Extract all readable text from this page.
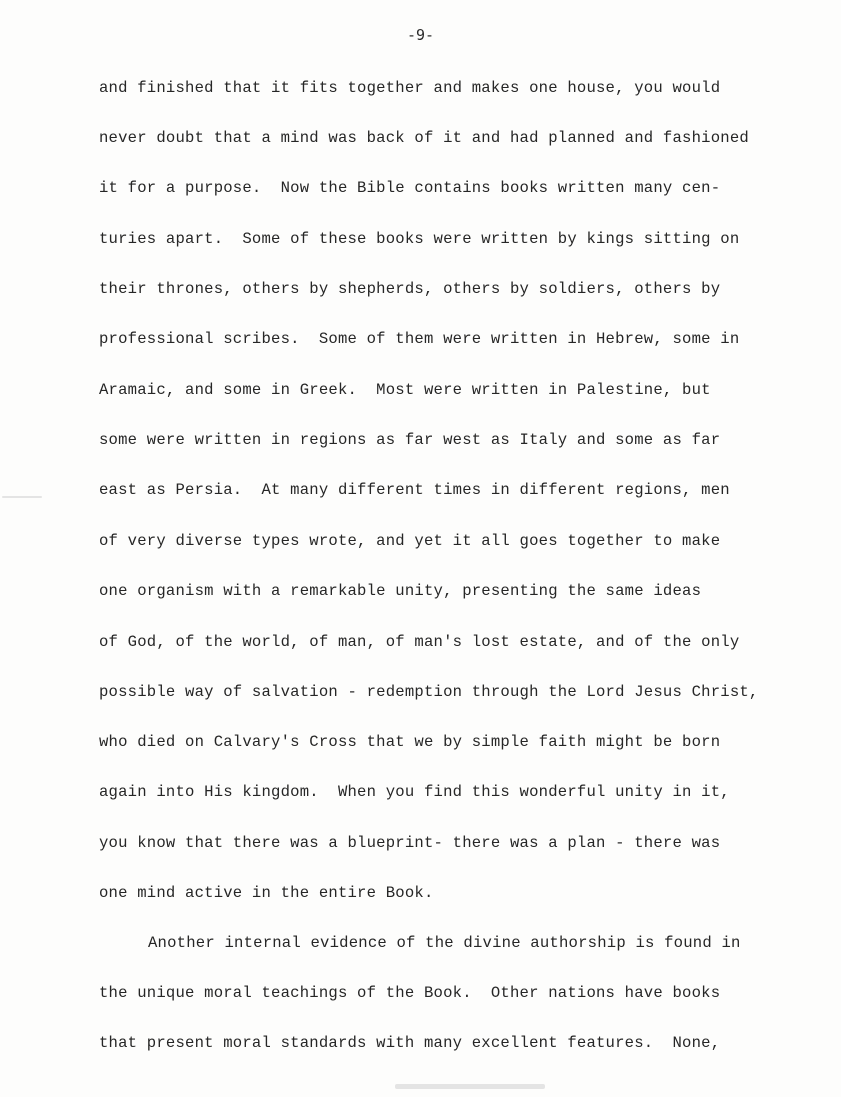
-9-
and finished that it fits together and makes one house, you would
never doubt that a mind was back of it and had planned and fashioned
it for a purpose.  Now the Bible contains books written many cen-
turies apart.  Some of these books were written by kings sitting on
their thrones, others by shepherds, others by soldiers, others by
professional scribes.  Some of them were written in Hebrew, some in
Aramaic, and some in Greek.  Most were written in Palestine, but
some were written in regions as far west as Italy and some as far
east as Persia.  At many different times in different regions, men
of very diverse types wrote, and yet it all goes together to make
one organism with a remarkable unity, presenting the same ideas
of God, of the world, of man, of man's lost estate, and of the only
possible way of salvation - redemption through the Lord Jesus Christ,
who died on Calvary's Cross that we by simple faith might be born
again into His kingdom.  When you find this wonderful unity in it,
you know that there was a blueprint- there was a plan - there was
one mind active in the entire Book.
Another internal evidence of the divine authorship is found in
the unique moral teachings of the Book.  Other nations have books
that present moral standards with many excellent features.  None,
